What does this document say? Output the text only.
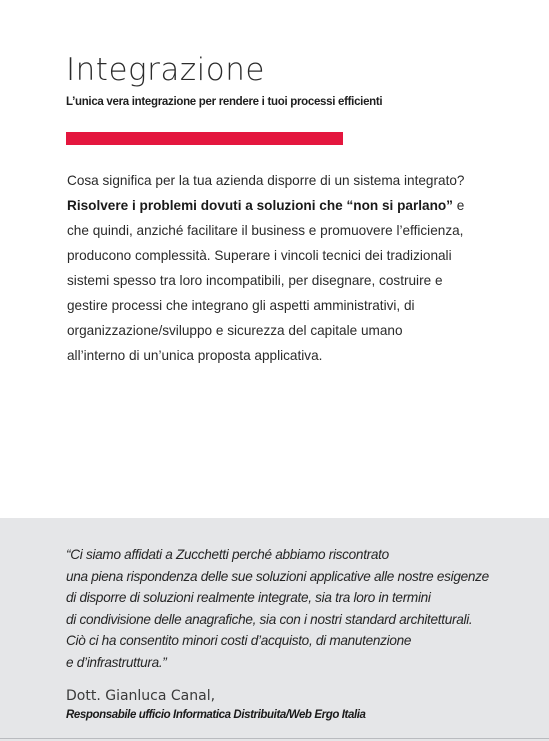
Integrazione
L’unica vera integrazione per rendere i tuoi processi efficienti
Cosa significa per la tua azienda disporre di un sistema integrato?
Risolvere i problemi dovuti a soluzioni che “non si parlano” e
che quindi, anziché facilitare il business e promuovere l’efficienza,
producono complessità. Superare i vincoli tecnici dei tradizionali
sistemi spesso tra loro incompatibili, per disegnare, costruire e
gestire processi che integrano gli aspetti amministrativi, di
organizzazione/sviluppo e sicurezza del capitale umano
all’interno di un’unica proposta applicativa.
“Ci siamo affidati a Zucchetti perché abbiamo riscontrato
una piena rispondenza delle sue soluzioni applicative alle nostre esigenze
di disporre di soluzioni realmente integrate, sia tra loro in termini
di condivisione delle anagrafiche, sia con i nostri standard architetturali.
Ciò ci ha consentito minori costi d’acquisto, di manutenzione
e d’infrastruttura.”
Dott. Gianluca Canal,
Responsabile ufficio Informatica Distribuita/Web Ergo Italia
